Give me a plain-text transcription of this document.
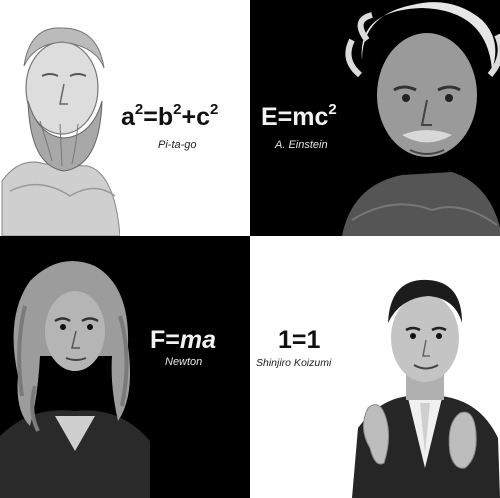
$a^2=b^2+c^2$
Pi-ta-go
$E=mc^2$
A. Einstein
F=ma
Newton
1=1
Shinjiro Koizumi
